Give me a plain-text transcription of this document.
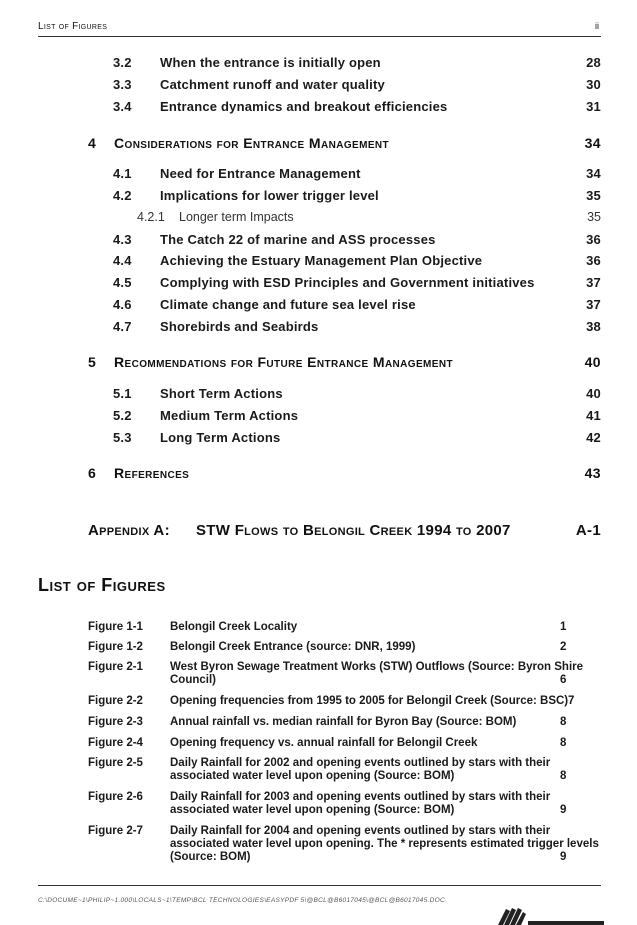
List of Figures	ii
3.2 When the entrance is initially open	28
3.3 Catchment runoff and water quality	30
3.4 Entrance dynamics and breakout efficiencies	31
4 Considerations for Entrance Management	34
4.1 Need for Entrance Management	34
4.2 Implications for lower trigger level	35
4.2.1 Longer term Impacts	35
4.3 The Catch 22 of marine and ASS processes	36
4.4 Achieving the Estuary Management Plan Objective	36
4.5 Complying with ESD Principles and Government initiatives	37
4.6 Climate change and future sea level rise	37
4.7 Shorebirds and Seabirds	38
5 Recommendations for Future Entrance Management	40
5.1 Short Term Actions	40
5.2 Medium Term Actions	41
5.3 Long Term Actions	42
6 References	43
Appendix A: STW Flows to Belongil Creek 1994 to 2007	A-1
List of Figures
Figure 1-1 Belongil Creek Locality	1
Figure 1-2 Belongil Creek Entrance (source: DNR, 1999)	2
Figure 2-1 West Byron Sewage Treatment Works (STW) Outflows (Source: Byron Shire Council)	6
Figure 2-2 Opening frequencies from 1995 to 2005 for Belongil Creek (Source: BSC) 7
Figure 2-3 Annual rainfall vs. median rainfall for Byron Bay (Source: BOM)	8
Figure 2-4 Opening frequency vs. annual rainfall for Belongil Creek	8
Figure 2-5 Daily Rainfall for 2002 and opening events outlined by stars with their associated water level upon opening (Source: BOM)	8
Figure 2-6 Daily Rainfall for 2003 and opening events outlined by stars with their associated water level upon opening (Source: BOM)	9
Figure 2-7 Daily Rainfall for 2004 and opening events outlined by stars with their associated water level upon opening. The * represents estimated trigger levels (Source: BOM)	9
C:\DOCUME~1\PHILIP~1.000\LOCALS~1\TEMP\BCL TECHNOLOGIES\EASYPDF 5\@BCL@B6017045\@BCL@B6017045.DOC
